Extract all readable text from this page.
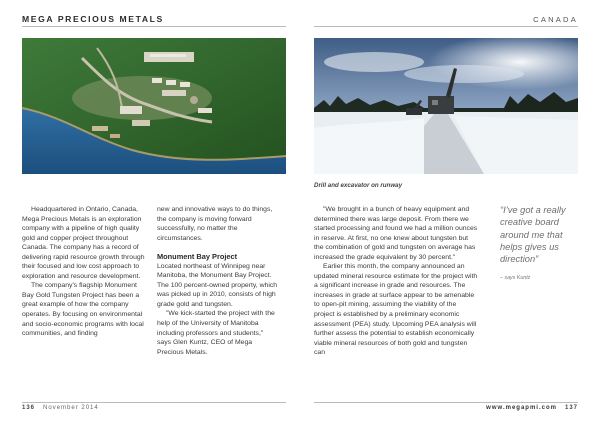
MEGA PRECIOUS METALS	CANADA
Drill and excavator on runway

Headquartered in Ontario, Canada, Mega Precious Metals is an exploration company with a pipeline of high quality gold and copper project throughout Canada. The company has a record of delivering rapid resource growth through their focused and low cost approach to exploration and resource development.

The company's flagship Monument Bay Gold Tungsten Project has been a great example of how the company operates. By focusing on environmental and socio-economic programs with local communities, and finding

new and innovative ways to do things, the company is moving forward successfully, no matter the circumstances.

Monument Bay Project

Located northeast of Winnipeg near Manitoba, the Monument Bay Project. The 100 percent-owned property, which was picked up in 2010, consists of high grade gold and tungsten.

"We kick-started the project with the help of the University of Manitoba including professors and students," says Glen Kuntz, CEO of Mega Precious Metals.

"We brought in a bunch of heavy equipment and determined there was large deposit. From there we started processing and found we had a million ounces in reserve. At first, no one knew about tungsten but the combination of gold and tungsten on average has increased the grade equivalent by 30 percent."

Earlier this month, the company announced an updated mineral resource estimate for the project with a significant increase in grade and resources. The increases in grade at surface appear to be amenable to open-pit mining, assuming the viability of the project is established by a preliminary economic assessment (PEA) study. Upcoming PEA analysis will further assess the potential to establish economically viable mineral resources of both gold and tungsten can

“I’ve got a really creative board around me that helps gives us direction”
– says Kuntz
136 November 2014	www.megapmi.com 137
